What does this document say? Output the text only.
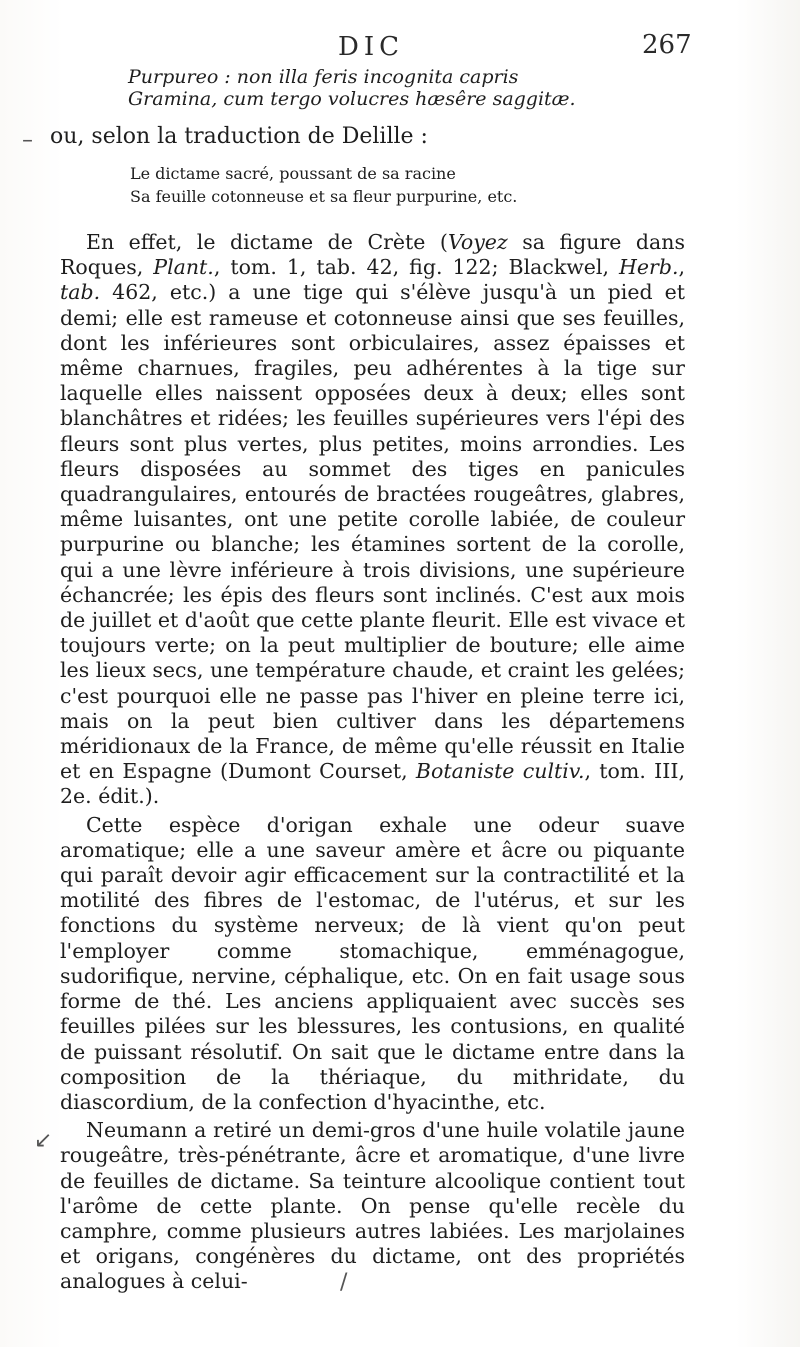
DIC	267
Purpureo : non illa feris incognita capris
Gramina, cum tergo volucres hæsêre saggitæ.
ou, selon la traduction de Delille :
Le dictame sacré, poussant de sa racine
Sa feuille cotonneuse et sa fleur purpurine, etc.

En effet, le dictame de Crète (Voyez sa figure dans Roques, Plant., tom. 1, tab. 42, fig. 122; Blackwel, Herb., tab. 462, etc.) a une tige qui s'élève jusqu'à un pied et demi; elle est rameuse et cotonneuse ainsi que ses feuilles, dont les inférieures sont orbiculaires, assez épaisses et même charnues, fragiles, peu adhérentes à la tige sur laquelle elles naissent opposées deux à deux; elles sont blanchâtres et ridées; les feuilles supérieures vers l'épi des fleurs sont plus vertes, plus petites, moins arrondies. Les fleurs disposées au sommet des tiges en panicules quadrangulaires, entourés de bractées rougeâtres, glabres, même luisantes, ont une petite corolle labiée, de couleur purpurine ou blanche; les étamines sortent de la corolle, qui a une lèvre inférieure à trois divisions, une supérieure échancrée; les épis des fleurs sont inclinés. C'est aux mois de juillet et d'août que cette plante fleurit. Elle est vivace et toujours verte; on la peut multiplier de bouture; elle aime les lieux secs, une température chaude, et craint les gelées; c'est pourquoi elle ne passe pas l'hiver en pleine terre ici, mais on la peut bien cultiver dans les départemens méridionaux de la France, de même qu'elle réussit en Italie et en Espagne (Dumont Courset, Botaniste cultiv., tom. III, 2e. édit.).

Cette espèce d'origan exhale une odeur suave aromatique; elle a une saveur amère et âcre ou piquante qui paraît devoir agir efficacement sur la contractilité et la motilité des fibres de l'estomac, de l'utérus, et sur les fonctions du système nerveux; de là vient qu'on peut l'employer comme stomachique, emménagogue, sudorifique, nervine, céphalique, etc. On en fait usage sous forme de thé. Les anciens appliquaient avec succès ses feuilles pilées sur les blessures, les contusions, en qualité de puissant résolutif. On sait que le dictame entre dans la composition de la thériaque, du mithridate, du diascordium, de la confection d'hyacinthe, etc.

Neumann a retiré un demi-gros d'une huile volatile jaune rougeâtre, très-pénétrante, âcre et aromatique, d'une livre de feuilles de dictame. Sa teinture alcoolique contient tout l'arôme de cette plante. On pense qu'elle recèle du camphre, comme plusieurs autres labiées. Les marjolaines et origans, congénères du dictame, ont des propriétés analogues à celui-

–
↙
/
